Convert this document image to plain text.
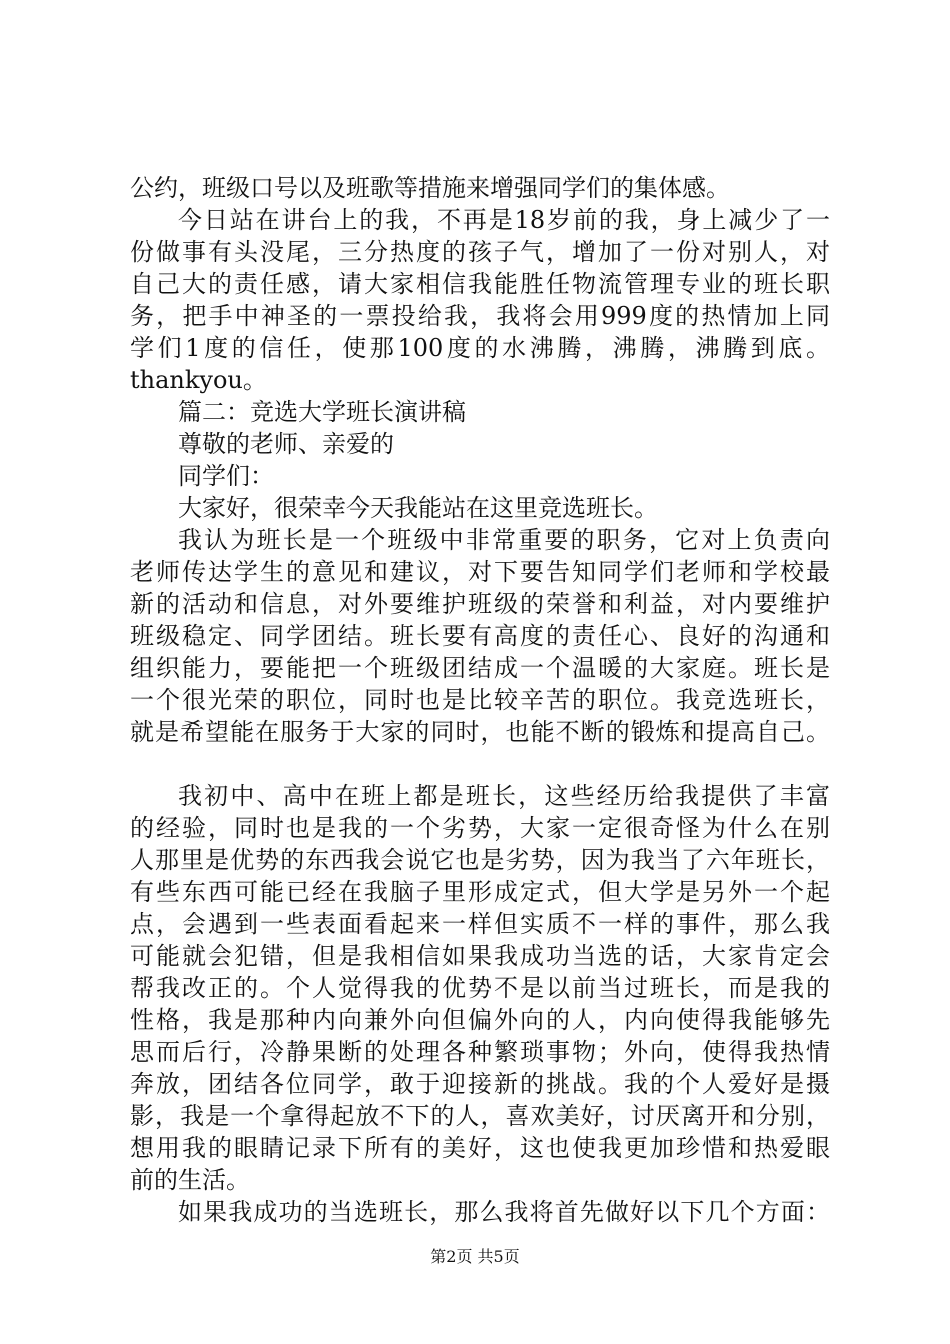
公约，班级口号以及班歌等措施来增强同学们的集体感。
今日站在讲台上的我，不再是18岁前的我，身上减少了一
份做事有头没尾，三分热度的孩子气，增加了一份对别人，对
自己大的责任感，请大家相信我能胜任物流管理专业的班长职
务，把手中神圣的一票投给我，我将会用999度的热情加上同
学们1度的信任，使那100度的水沸腾，沸腾，沸腾到底。
thankyou。
篇二：竞选大学班长演讲稿
尊敬的老师、亲爱的
同学们：
大家好，很荣幸今天我能站在这里竞选班长。
我认为班长是一个班级中非常重要的职务，它对上负责向
老师传达学生的意见和建议，对下要告知同学们老师和学校最
新的活动和信息，对外要维护班级的荣誉和利益，对内要维护
班级稳定、同学团结。班长要有高度的责任心、良好的沟通和
组织能力，要能把一个班级团结成一个温暖的大家庭。班长是
一个很光荣的职位，同时也是比较辛苦的职位。我竞选班长，
就是希望能在服务于大家的同时，也能不断的锻炼和提高自己。
我初中、高中在班上都是班长，这些经历给我提供了丰富
的经验，同时也是我的一个劣势，大家一定很奇怪为什么在别
人那里是优势的东西我会说它也是劣势，因为我当了六年班长，
有些东西可能已经在我脑子里形成定式，但大学是另外一个起
点，会遇到一些表面看起来一样但实质不一样的事件，那么我
可能就会犯错，但是我相信如果我成功当选的话，大家肯定会
帮我改正的。个人觉得我的优势不是以前当过班长，而是我的
性格，我是那种内向兼外向但偏外向的人，内向使得我能够先
思而后行，冷静果断的处理各种繁琐事物；外向，使得我热情
奔放，团结各位同学，敢于迎接新的挑战。我的个人爱好是摄
影，我是一个拿得起放不下的人，喜欢美好，讨厌离开和分别，
想用我的眼睛记录下所有的美好，这也使我更加珍惜和热爱眼
前的生活。
如果我成功的当选班长，那么我将首先做好以下几个方面：
第2页 共5页
